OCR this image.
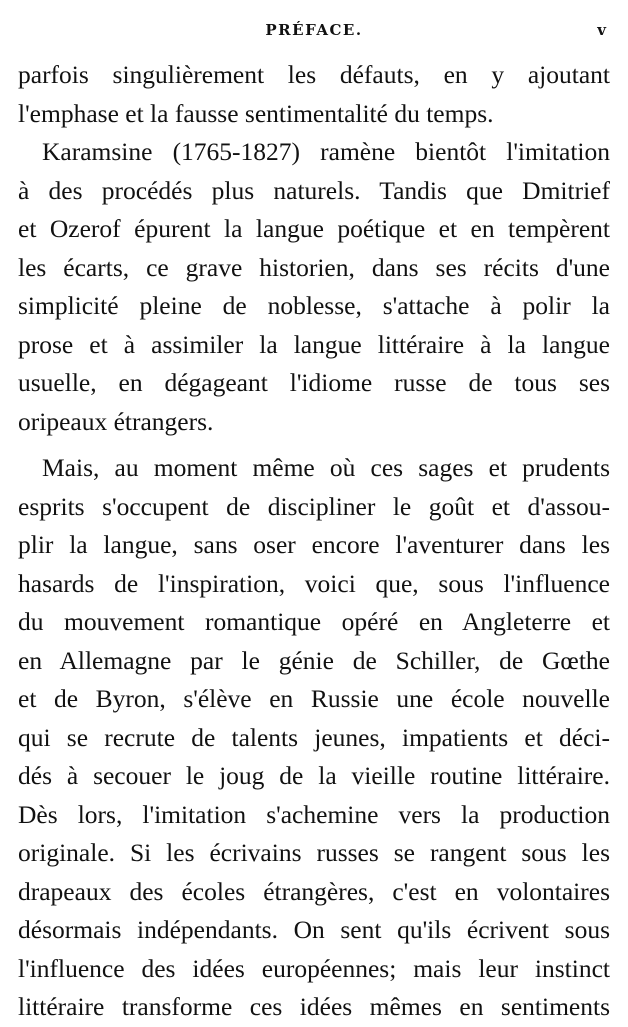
PRÉFACE.	v
parfois singulièrement les défauts, en y ajoutant
l'emphase et la fausse sentimentalité du temps.
Karamsine (1765-1827) ramène bientôt l'imitation
à des procédés plus naturels. Tandis que Dmitrief
et Ozerof épurent la langue poétique et en tempèrent
les écarts, ce grave historien, dans ses récits d'une
simplicité pleine de noblesse, s'attache à polir la
prose et à assimiler la langue littéraire à la langue
usuelle, en dégageant l'idiome russe de tous ses
oripeaux étrangers.
Mais, au moment même où ces sages et prudents
esprits s'occupent de discipliner le goût et d'assou-
plir la langue, sans oser encore l'aventurer dans les
hasards de l'inspiration, voici que, sous l'influence
du mouvement romantique opéré en Angleterre et
en Allemagne par le génie de Schiller, de Gœthe
et de Byron, s'élève en Russie une école nouvelle
qui se recrute de talents jeunes, impatients et déci-
dés à secouer le joug de la vieille routine littéraire.
Dès lors, l'imitation s'achemine vers la production
originale. Si les écrivains russes se rangent sous les
drapeaux des écoles étrangères, c'est en volontaires
désormais indépendants. On sent qu'ils écrivent sous
l'influence des idées européennes; mais leur instinct
littéraire transforme ces idées mêmes en sentiments
